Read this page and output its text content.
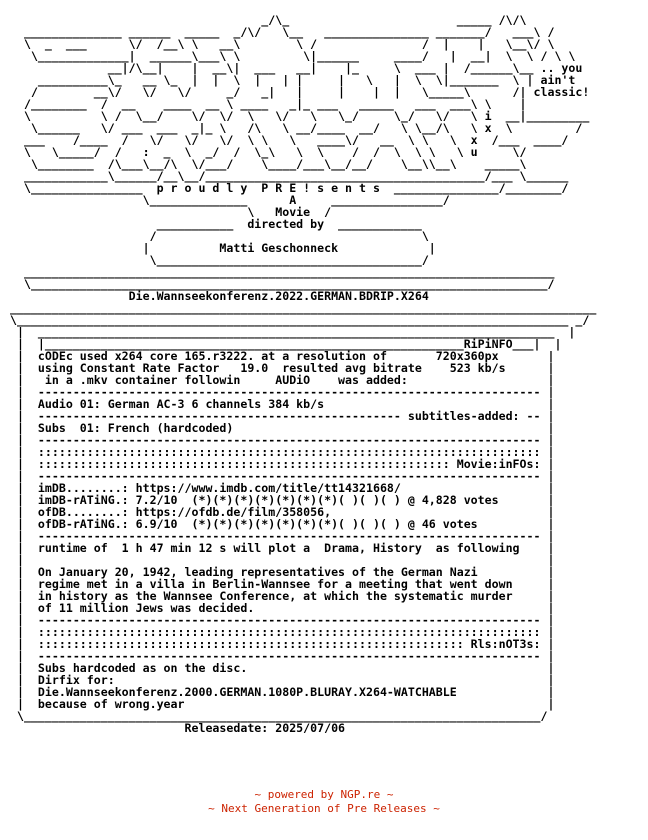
_/\_                        _____ /\/\
______________ ______  _____  _/\/   \__   _______________ _______/   ___\ /
\  _  ___      \/  /__\ \   __\        \ /               /  |    |   \__\/ \
\_____________|  ______\___\ \         \|______     ____/   |  __|  \  \ / \ \
__|/\__|    |  __\|  ___   __|    |_     \  ___ |  /______\__ .. you
__________\_   __ \_  |  |  \  |   | |     |   \   |  \  \|_______  \ | ain't
/        __\/   \/   \/     _/   _|   |     |    |  |   \_____\      /| classic!
/________  /  __    ____  __ \ ____   _|_ ___   _____   ___  ___\ \    |
\          \ /  \__/    \/  \/  \   \/   \   \_/     \_/   \/   \ i  __|_________
\______   \/ ___  ___  _|_ \   /\   \ __/____  __/   \ \__/\   \ x  \         /
___    /____  /   \/   \/   \/  \ \   \   ____\/   __  \ \   \  x  /___  ____/
\   \_____/  /   :  _  \  _/  /  \_\   \  \    /  /  \  \ \   \ u     \/
\________  /\___\__/\  \/___/    \____/___\__/__/    \__\\__\    _____\
____________\______/__\__/________________________________________/___ \______
\________________  p r o u d l y  P R E ! s e n t s  _______________/________/
\______________      A     ________________/
\   Movie  /
___________  directed by  ____________
/                                      \
|          Matti Geschonneck             |
\______________________________________/
____________________________________________________________________________
\__________________________________________________________________________/
Die.Wannseekonferenz.2022.GERMAN.BDRIP.X264
____________________________________________________________________________________
\_______________________________________________________________________________ _/
|  __________________________________________________________________________  |
|  |____________________________________________________________RiPiNFO___|  |
|  cODEc used x264 core 165.r3222. at a resolution of       720x360px       |
|  using Constant Rate Factor   19.0  resulted avg bitrate    523 kb/s      |
|   in a .mkv container followin     AUDiO    was added:                    |
|  ------------------------------------------------------------------------ |
|  Audio 01: German AC-3 6 channels 384 kb/s                                |
|  ---------------------------------------------------- subtitles-added: -- |
|  Subs  01: French (hardcoded)                                             |
|  ------------------------------------------------------------------------ |
|  :::::::::::::::::::::::::::::::::::::::::::::::::::::::::::::::::::::::: |
|  ::::::::::::::::::::::::::::::::::::::::::::::::::::::::::: Movie:inFOs: |
|  ------------------------------------------------------------------------ |
|  imDB........: https://www.imdb.com/title/tt14321668/                     |
|  imDB-rATiNG.: 7.2/10  (*)(*)(*)(*)(*)(*)(*)( )( )( ) @ 4,828 votes       |
|  ofDB........: https://ofdb.de/film/358056,                               |
|  ofDB-rATiNG.: 6.9/10  (*)(*)(*)(*)(*)(*)(*)( )( )( ) @ 46 votes          |
|  ------------------------------------------------------------------------ |
|  runtime of  1 h 47 min 12 s will plot a  Drama, History  as following    |
|                                                                           |
|  On January 20, 1942, leading representatives of the German Nazi          |
|  regime met in a villa in Berlin-Wannsee for a meeting that went down     |
|  in history as the Wannsee Conference, at which the systematic murder     |
|  of 11 million Jews was decided.                                          |
|  ------------------------------------------------------------------------ |
|  :::::::::::::::::::::::::::::::::::::::::::::::::::::::::::::::::::::::: |
|  ::::::::::::::::::::::::::::::::::::::::::::::::::::::::::::: Rls:nOT3s: |
|  ------------------------------------------------------------------------ |
|  Subs hardcoded as on the disc.                                           |
|  Dirfix for:                                                              |
|  Die.Wannseekonferenz.2000.GERMAN.1080P.BLURAY.X264-WATCHABLE             |
|  because of wrong.year                                                    |
\__________________________________________________________________________/
Releasedate: 2025/07/06
~ powered by NGP.re ~
~ Next Generation of Pre Releases ~
